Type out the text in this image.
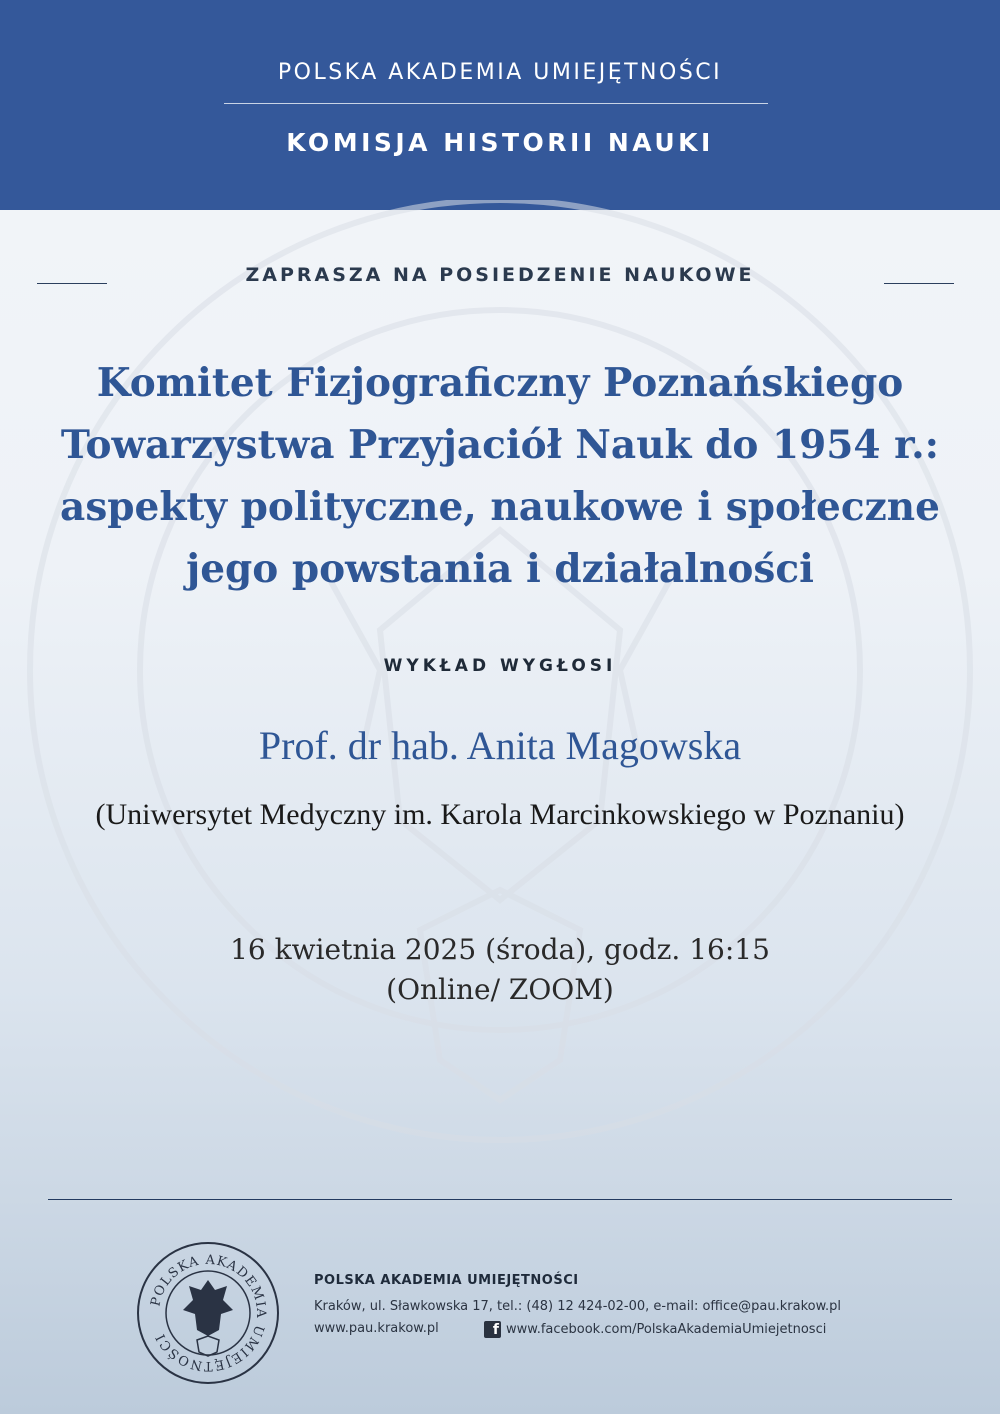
POLSKA AKADEMIA UMIEJĘTNOŚCI
KOMISJA HISTORII NAUKI
ZAPRASZA NA POSIEDZENIE NAUKOWE
Komitet Fizjograficzny Poznańskiego
Towarzystwa Przyjaciół Nauk do 1954 r.:
aspekty polityczne, naukowe i społeczne
jego powstania i działalności
WYKŁAD WYGŁOSI
Prof. dr hab. Anita Magowska
(Uniwersytet Medyczny im. Karola Marcinkowskiego w Poznaniu)
16 kwietnia 2025 (środa), godz. 16:15
(Online/ ZOOM)
POLSKA AKADEMIA UMIEJĘTNOŚCI
POLSKA AKADEMIA UMIEJĘTNOŚCI
Kraków, ul. Sławkowska 17, tel.: (48) 12 424-02-00, e-mail: office@pau.krakow.pl
www.pau.krakow.pl	f www.facebook.com/PolskaAkademiaUmiejetnosci
